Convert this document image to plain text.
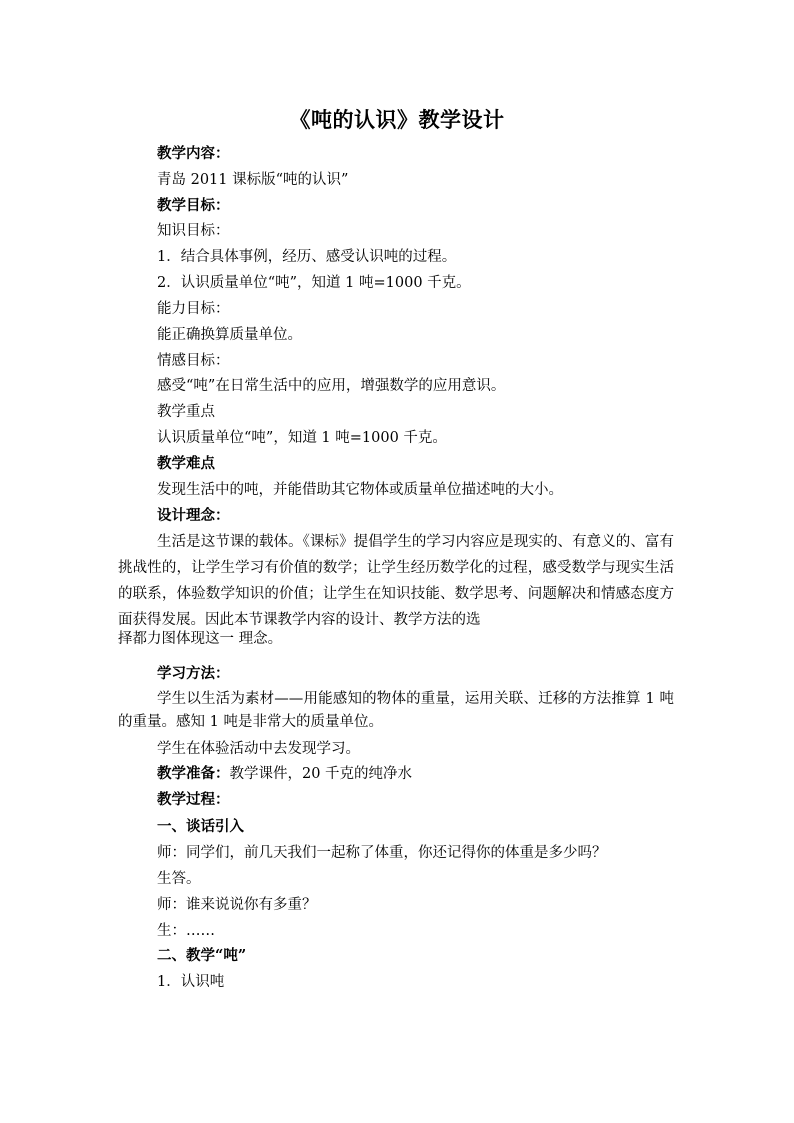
《吨的认识》教学设计
教学内容：
青岛 2011 课标版“吨的认识”
教学目标：
知识目标：
1．结合具体事例，经历、感受认识吨的过程。
2．认识质量单位“吨”，知道 1 吨=1000 千克。
能力目标：
能正确换算质量单位。
情感目标：
感受“吨”在日常生活中的应用，增强数学的应用意识。
教学重点
认识质量单位“吨”，知道 1 吨=1000 千克。
教学难点
发现生活中的吨，并能借助其它物体或质量单位描述吨的大小。
设计理念：
生活是这节课的载体。《课标》提倡学生的学习内容应是现实的、有意义的、富有挑战性的，让学生学习有价值的数学；让学生经历数学化的过程，感受数学与现实生活的联系，体验数学知识的价值；让学生在知识技能、数学思考、问题解决和情感态度方面获得发展。因此本节课教学内容的设计、教学方法的选
择都力图体现这一 理念。
学习方法：
学生以生活为素材——用能感知的物体的重量，运用关联、迁移的方法推算 1 吨的重量。感知 1 吨是非常大的质量单位。
学生在体验活动中去发现学习。
教学准备：教学课件，20 千克的纯净水
教学过程：
一、谈话引入
师：同学们，前几天我们一起称了体重，你还记得你的体重是多少吗？
生答。
师：谁来说说你有多重？
生：……
二、教学“吨”
1．认识吨
